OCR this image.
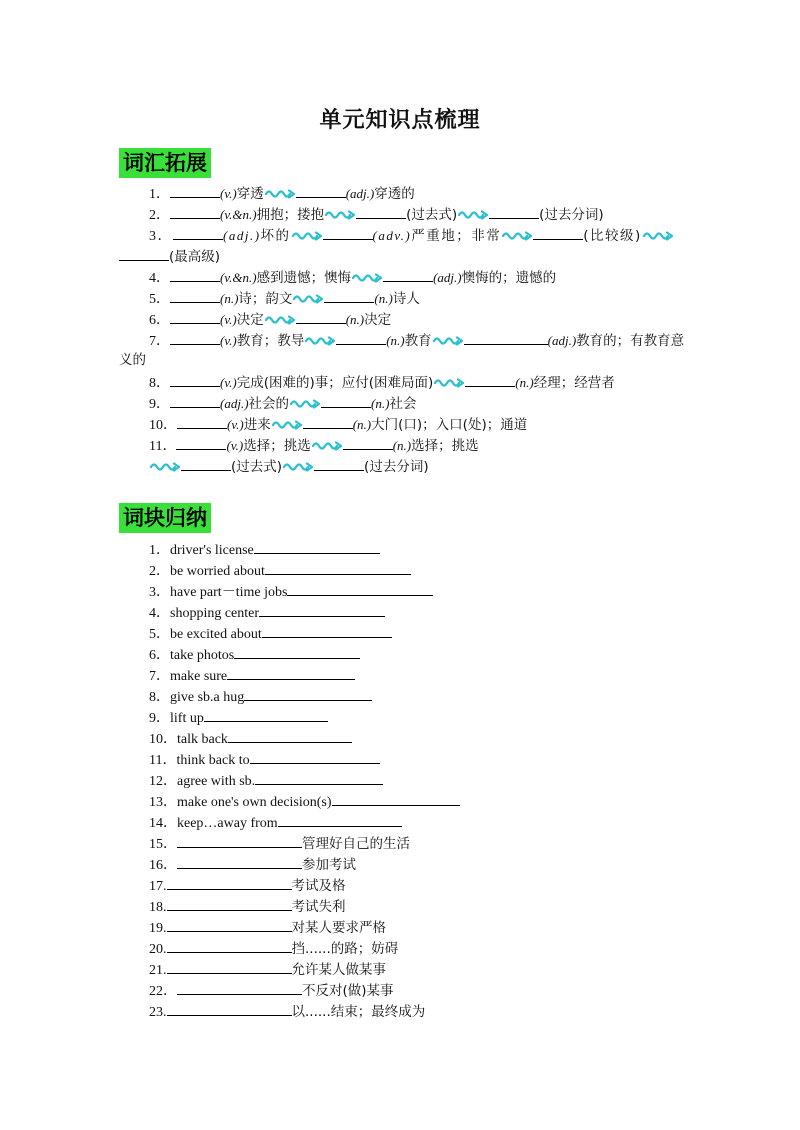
单元知识点梳理
词汇拓展
1．	(v.)穿透	(adj.)穿透的
2．	(v.&n.)拥抱；搂抱	(过去式)	(过去分词)
3．	(adj.)坏的	(adv.)严重地；非常	(比较级)
(最高级)
4．	(v.&n.)感到遗憾；懊悔	(adj.)懊悔的；遗憾的
5．	(n.)诗；韵文	(n.)诗人
6．	(v.)决定	(n.)决定
7．	(v.)教育；教导	(n.)教育	(adj.)教育的；有教育意
义的
8．	(v.)完成(困难的)事；应付(困难局面)	(n.)经理；经营者
9．	(adj.)社会的	(n.)社会
10．	(v.)进来	(n.)大门(口)；入口(处)；通道
11．	(v.)选择；挑选	(n.)选择；挑选
(过去式)	(过去分词)
词块归纳
1．driver's license
2．be worried about
3．have part－time jobs
4．shopping center
5．be excited about
6．take photos
7．make sure
8．give sb.a hug
9．lift up
10．talk back
11．think back to
12．agree with sb.
13．make one's own decision(s)
14．keep…away from
15．	管理好自己的生活
16．	参加考试
17.	考试及格
18.	考试失利
19.	对某人要求严格
20.	挡......的路；妨碍
21.	允许某人做某事
22．	不反对(做)某事
23.	以......结束；最终成为
